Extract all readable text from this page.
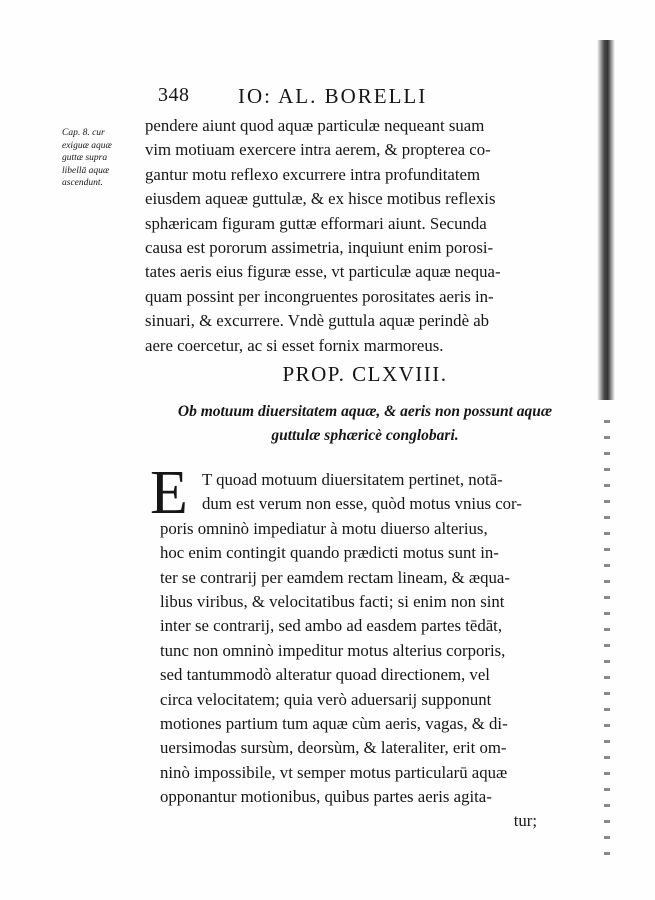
348 IO: AL. BORELLI
Cap. 8. cur
exiguæ aquæ
guttæ supra
libellā aquæ
ascendunt.
pendere aiunt quod aquæ particulæ nequeant suam
vim motiuam exercere intra aerem, & propterea co-
gantur motu reflexo excurrere intra profunditatem
eiusdem aqueæ guttulæ, & ex hisce motibus reflexis
sphæricam figuram guttæ efformari aiunt. Secunda
causa est pororum assimetria, inquiunt enim porosi-
tates aeris eius figuræ esse, vt particulæ aquæ nequa-
quam possint per incongruentes porositates aeris in-
sinuari, & excurrere. Vndè guttula aquæ perindè ab
aere coercetur, ac si esset fornix marmoreus.
PROP. CLXVIII.
Ob motuum diuersitatem aquæ, & aeris non possunt aquæ
guttulæ sphæricè conglobari.
E T quoad motuum diuersitatem pertinet, notā-
dum est verum non esse, quòd motus vnius cor-
poris omninò impediatur à motu diuerso alterius,
hoc enim contingit quando prædicti motus sunt in-
ter se contrarij per eamdem rectam lineam, & æqua-
libus viribus, & velocitatibus facti; si enim non sint
inter se contrarij, sed ambo ad easdem partes tēdāt,
tunc non omninò impeditur motus alterius corporis,
sed tantummodò alteratur quoad directionem, vel
circa velocitatem; quia verò aduersarij supponunt
motiones partium tum aquæ cùm aeris, vagas, & di-
uersimodas sursùm, deorsùm, & lateraliter, erit om-
ninò impossibile, vt semper motus particularū aquæ
opponantur motionibus, quibus partes aeris agita-
tur;
